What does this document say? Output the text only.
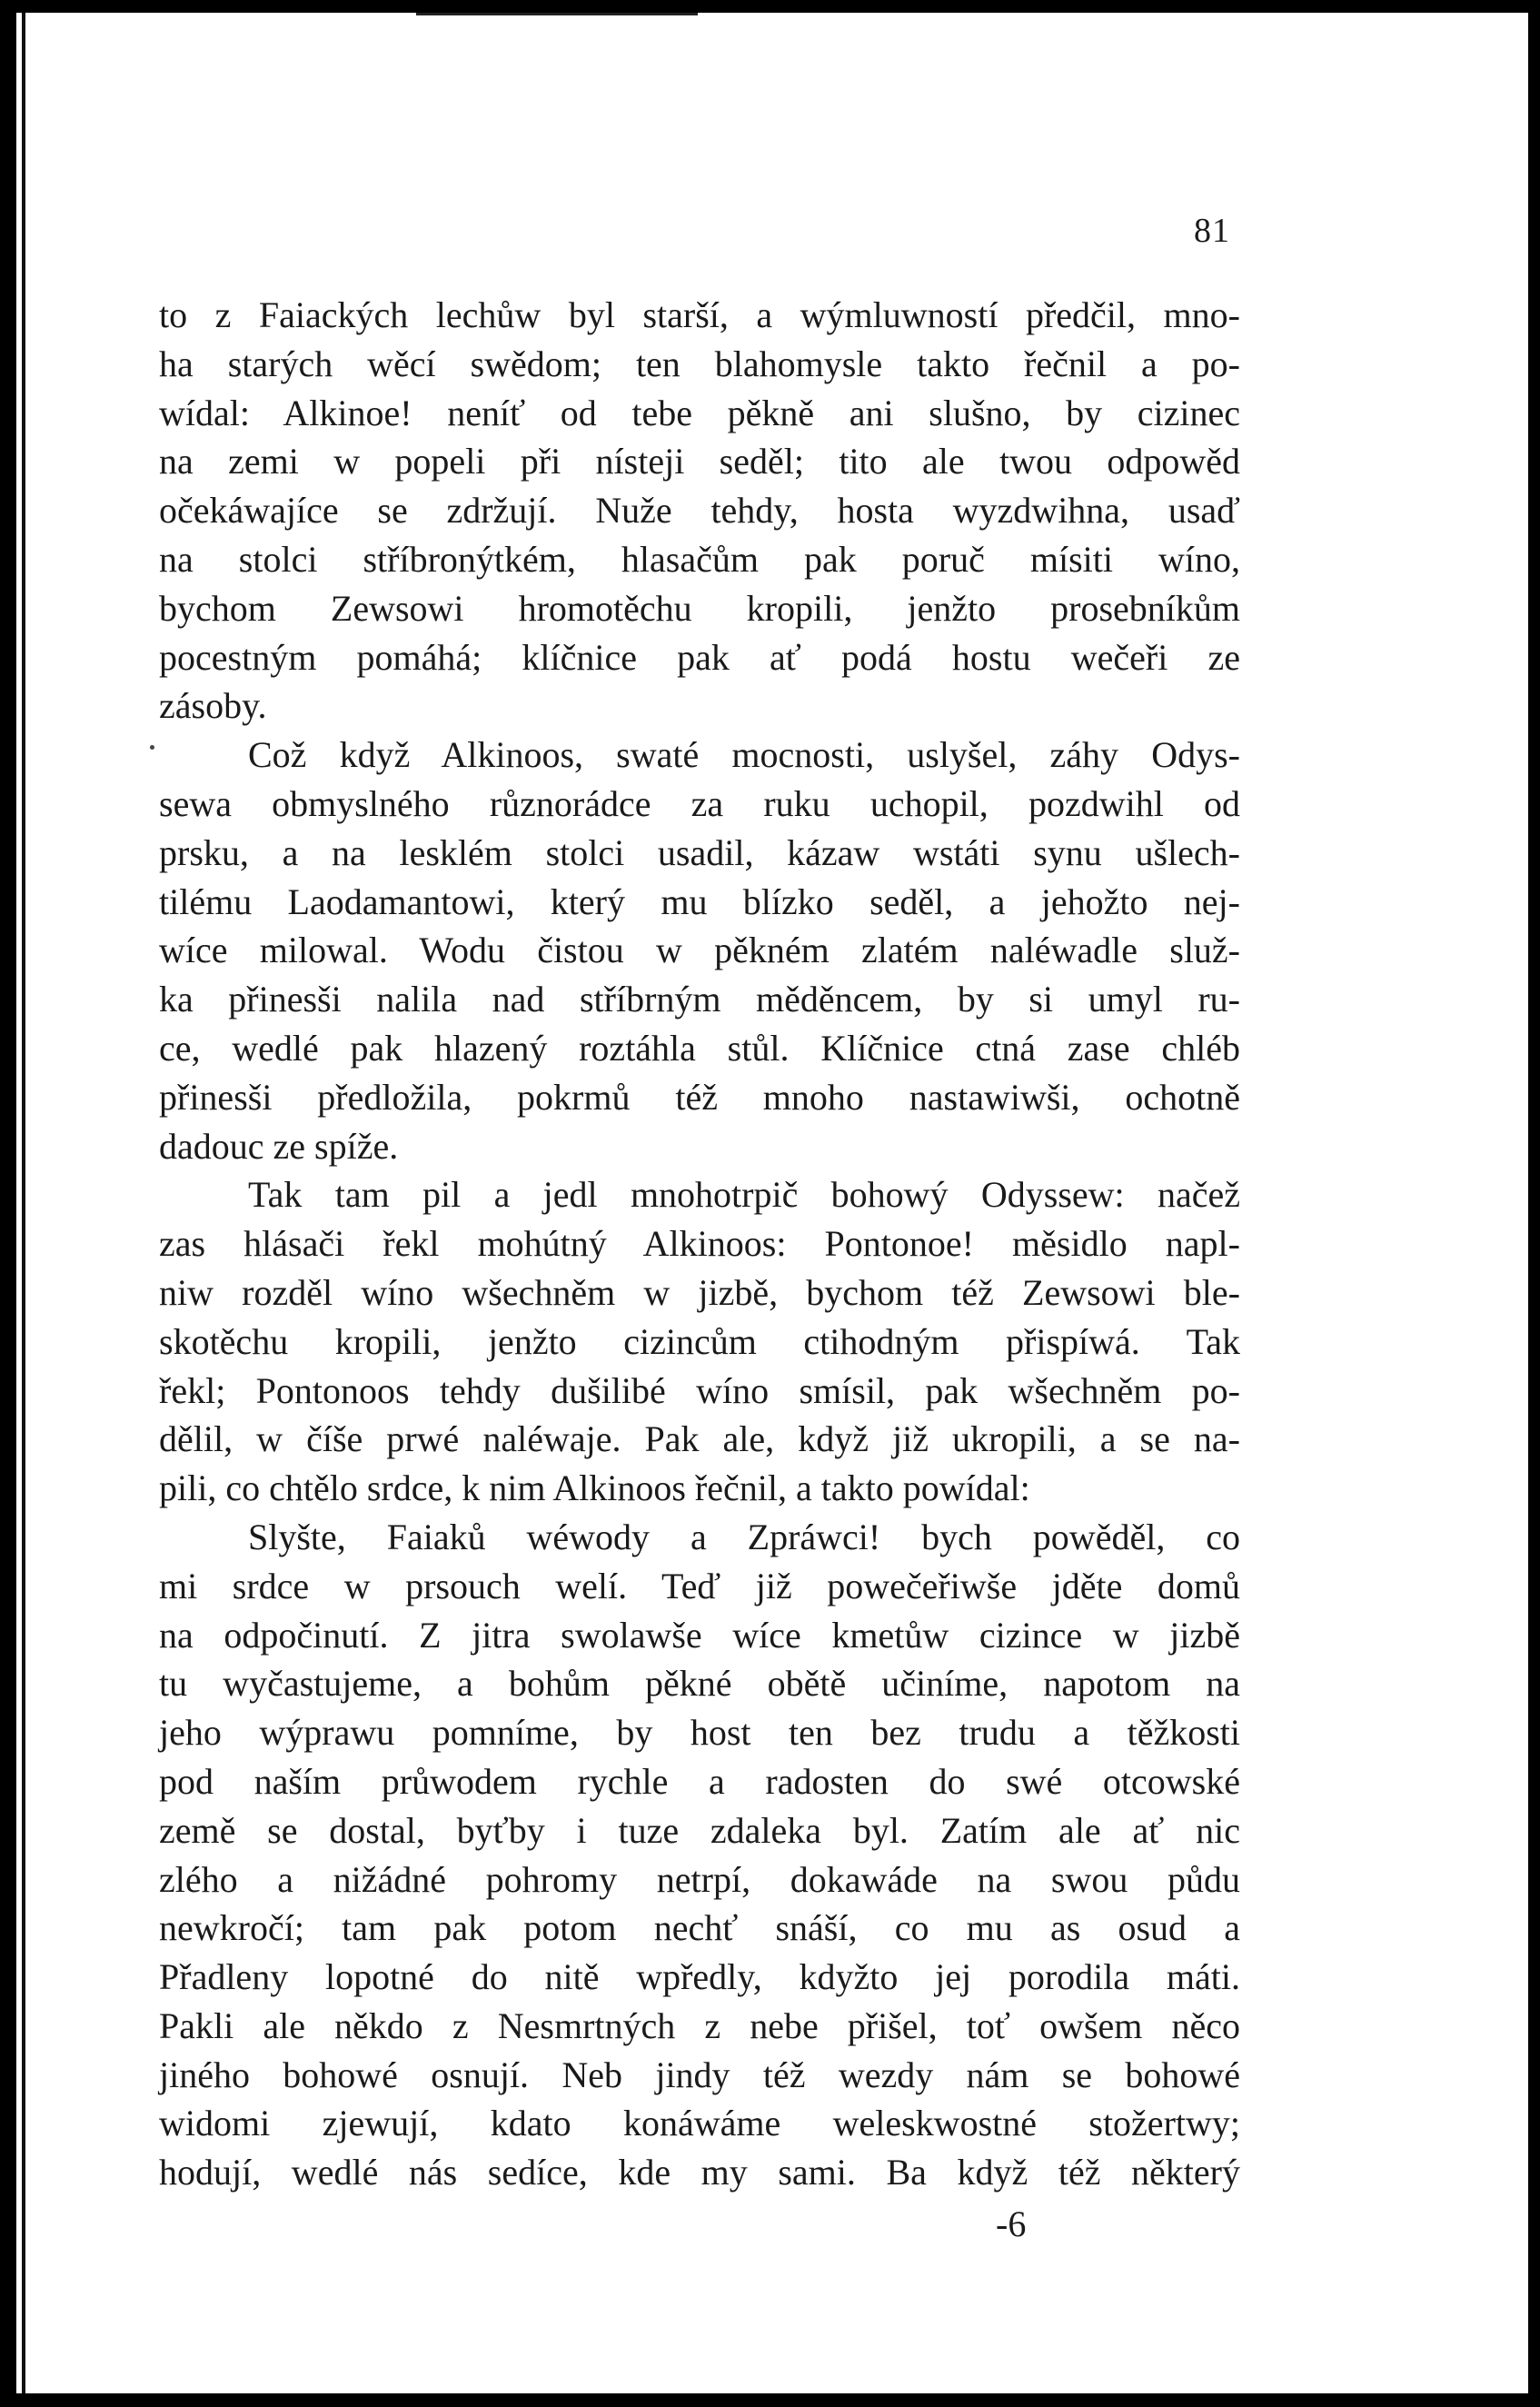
81
to z Faiackých lechůw byl starší, a wýmluwností předčil, mno-
ha starých wěcí swědom; ten blahomysle takto řečnil a po-
wídal: Alkinoe! neníť od tebe pěkně ani slušno, by cizinec
na zemi w popeli při nísteji seděl; tito ale twou odpowěd
očekáwajíce se zdržují. Nuže tehdy, hosta wyzdwihna, usaď
na stolci stříbronýtkém, hlasačům pak poruč mísiti wíno,
bychom Zewsowi hromotěchu kropili, jenžto prosebníkům
pocestným pomáhá; klíčnice pak ať podá hostu wečeři ze
zásoby.
Což když Alkinoos, swaté mocnosti, uslyšel, záhy Odys-
sewa obmyslného různorádce za ruku uchopil, pozdwihl od
prsku, a na lesklém stolci usadil, kázaw wstáti synu ušlech-
tilému Laodamantowi, který mu blízko seděl, a jehožto nej-
wíce milowal. Wodu čistou w pěkném zlatém naléwadle služ-
ka přinesši nalila nad stříbrným měděncem, by si umyl ru-
ce, wedlé pak hlazený roztáhla stůl. Klíčnice ctná zase chléb
přinesši předložila, pokrmů též mnoho nastawiwši, ochotně
dadouc ze spíže.
Tak tam pil a jedl mnohotrpič bohowý Odyssew: načež
zas hlásači řekl mohútný Alkinoos: Pontonoe! měsidlo napl-
niw rozděl wíno wšechněm w jizbě, bychom též Zewsowi ble-
skotěchu kropili, jenžto cizincům ctihodným přispíwá. Tak
řekl; Pontonoos tehdy dušilibé wíno smísil, pak wšechněm po-
dělil, w číše prwé naléwaje. Pak ale, když již ukropili, a se na-
pili, co chtělo srdce, k nim Alkinoos řečnil, a takto powídal:
Slyšte, Faiaků wéwody a Zpráwci! bych powěděl, co
mi srdce w prsouch welí. Teď již powečeřiwše jděte domů
na odpočinutí. Z jitra swolawše wíce kmetůw cizince w jizbě
tu wyčastujeme, a bohům pěkné obětě učiníme, napotom na
jeho wýprawu pomníme, by host ten bez trudu a těžkosti
pod naším průwodem rychle a radosten do swé otcowské
země se dostal, byťby i tuze zdaleka byl. Zatím ale ať nic
zlého a nižádné pohromy netrpí, dokawáde na swou půdu
newkročí; tam pak potom nechť snáší, co mu as osud a
Přadleny lopotné do nitě wpředly, kdyžto jej porodila máti.
Pakli ale někdo z Nesmrtných z nebe přišel, toť owšem něco
jiného bohowé osnují. Neb jindy též wezdy nám se bohowé
widomi zjewují, kdato konáwáme weleskwostné stožertwy;
hodují, wedlé nás sedíce, kde my sami. Ba když též některý
-6
